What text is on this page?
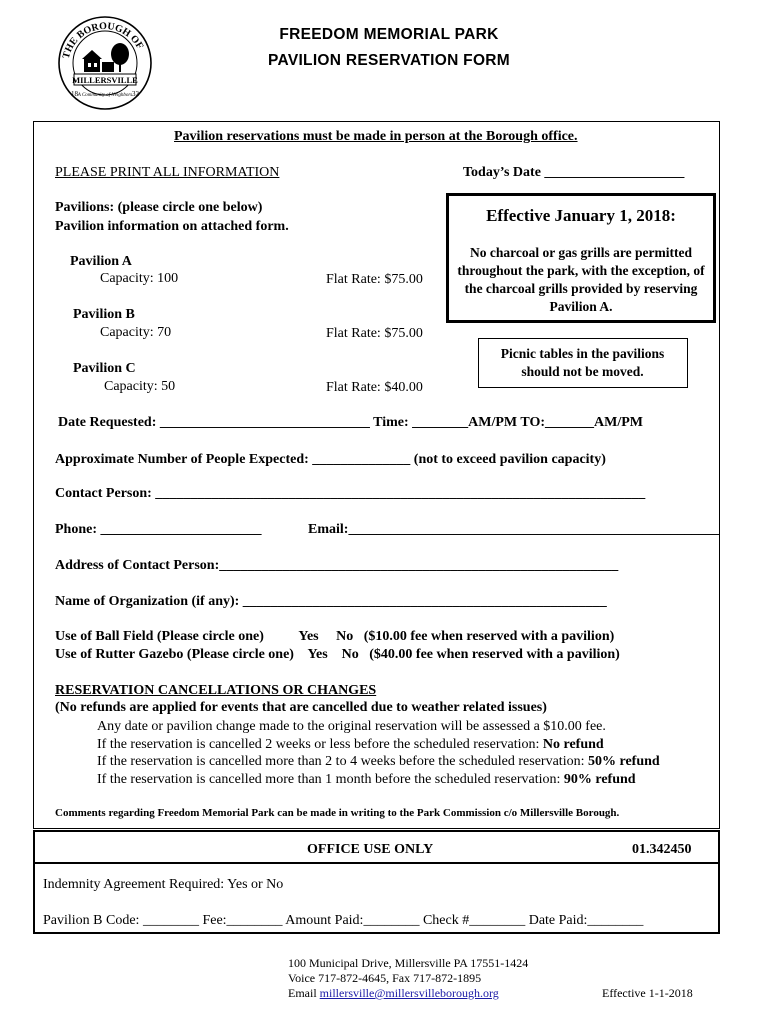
THE BOROUGH OF
MILLERSVILLE
18	32
A Community of Neighbors
FREEDOM MEMORIAL PARK
PAVILION RESERVATION FORM
Pavilion reservations must be made in person at the Borough office.
PLEASE PRINT ALL INFORMATION	Today’s Date ____________________
Pavilions: (please circle one below)
Pavilion information on attached form.
Pavilion A
Capacity: 100	Flat Rate: $75.00
Pavilion B
Capacity: 70	Flat Rate: $75.00
Pavilion C
Capacity: 50	Flat Rate: $40.00
Effective January 1, 2018:
No charcoal or gas grills are permitted throughout the park, with the exception, of the charcoal grills provided by reserving Pavilion A.
Picnic tables in the pavilions should not be moved.
Date Requested: ______________________________ Time: ________AM/PM TO:_______AM/PM
Approximate Number of People Expected: ______________ (not to exceed pavilion capacity)
Contact Person: ______________________________________________________________________
Phone: _______________________	Email:_____________________________________________________
Address of Contact Person:_________________________________________________________
Name of Organization (if any): ____________________________________________________
Use of Ball Field (Please circle one)          Yes     No   ($10.00 fee when reserved with a pavilion)
Use of Rutter Gazebo (Please circle one)    Yes    No   ($40.00 fee when reserved with a pavilion)
RESERVATION CANCELLATIONS OR CHANGES
(No refunds are applied for events that are cancelled due to weather related issues)
Any date or pavilion change made to the original reservation will be assessed a $10.00 fee.
If the reservation is cancelled 2 weeks or less before the scheduled reservation: No refund
If the reservation is cancelled more than 2 to 4 weeks before the scheduled reservation: 50% refund
If the reservation is cancelled more than 1 month before the scheduled reservation: 90% refund
Comments regarding Freedom Memorial Park can be made in writing to the Park Commission c/o Millersville Borough.
OFFICE USE ONLY	01.342450
Indemnity Agreement Required: Yes or No
Pavilion B Code: ________ Fee:________ Amount Paid:________ Check #________ Date Paid:________
100 Municipal Drive, Millersville PA 17551-1424
Voice 717-872-4645, Fax 717-872-1895
Email millersville@millersvilleborough.org	Effective 1-1-2018
